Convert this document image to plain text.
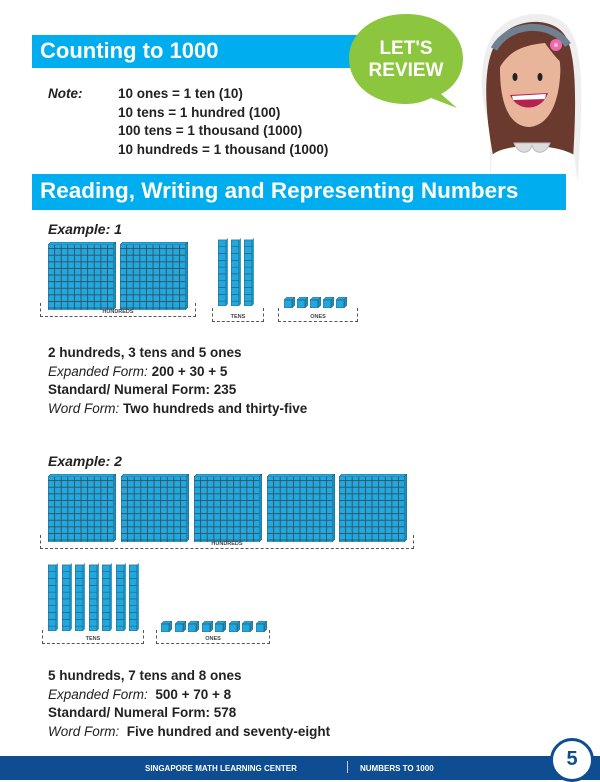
Counting to 1000
Note:	10 ones = 1 ten (10)
10 tens = 1 hundred (100)
100 tens = 1 thousand (1000)
10 hundreds = 1 thousand (1000)
LET'S
REVIEW
Reading, Writing and Representing Numbers
Example: 1
HUNDREDS
TENS	ONES
2 hundreds, 3 tens and 5 ones
Expanded Form: 200 + 30 + 5
Standard/ Numeral Form: 235
Word Form: Two hundreds and thirty-five
Example: 2
HUNDREDS
TENS	ONES
5 hundreds, 7 tens and 8 ones
Expanded Form: 500 + 70 + 8
Standard/ Numeral Form: 578
Word Form: Five hundred and seventy-eight
SINGAPORE MATH LEARNING CENTER	NUMBERS TO 1000	5
